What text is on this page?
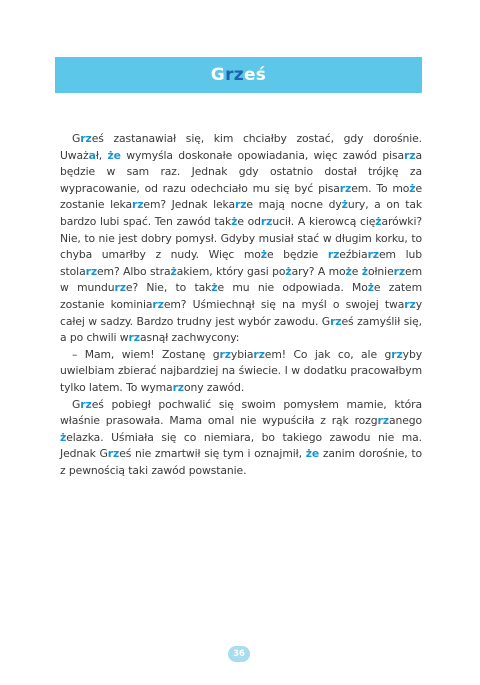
Grześ

Grześ zastanawiał się, kim chciałby zostać, gdy dorośnie. Uważał, że wymyśla doskonałe opowiadania, więc zawód pisarza będzie w sam raz. Jednak gdy ostatnio dostał trójkę za wypracowanie, od razu odechciało mu się być pisarzem. To może zostanie lekarzem? Jednak lekarze mają nocne dyżury, a on tak bardzo lubi spać. Ten zawód także odrzucił. A kierowcą ciężarówki? Nie, to nie jest dobry pomysł. Gdyby musiał stać w długim korku, to chyba umarłby z nudy. Więc może będzie rzeźbiarzem lub stolarzem? Albo strażakiem, który gasi pożary? A może żołnierzem w mundurze? Nie, to także mu nie odpowiada. Może zatem zostanie kominiarzem? Uśmiechnął się na myśl o swojej twarzy całej w sadzy. Bardzo trudny jest wybór zawodu. Grześ zamyślił się, a po chwili wrzasnął zachwycony:

– Mam, wiem! Zostanę grzybiarzem! Co jak co, ale grzyby uwielbiam zbierać najbardziej na świecie. I w dodatku pracowałbym tylko latem. To wymarzony zawód.

Grześ pobiegł pochwalić się swoim pomysłem mamie, która właśnie prasowała. Mama omal nie wypuściła z rąk rozgrzanego żelazka. Uśmiała się co niemiara, bo takiego zawodu nie ma. Jednak Grześ nie zmartwił się tym i oznajmił, że zanim dorośnie, to z pewnością taki zawód powstanie.

36
